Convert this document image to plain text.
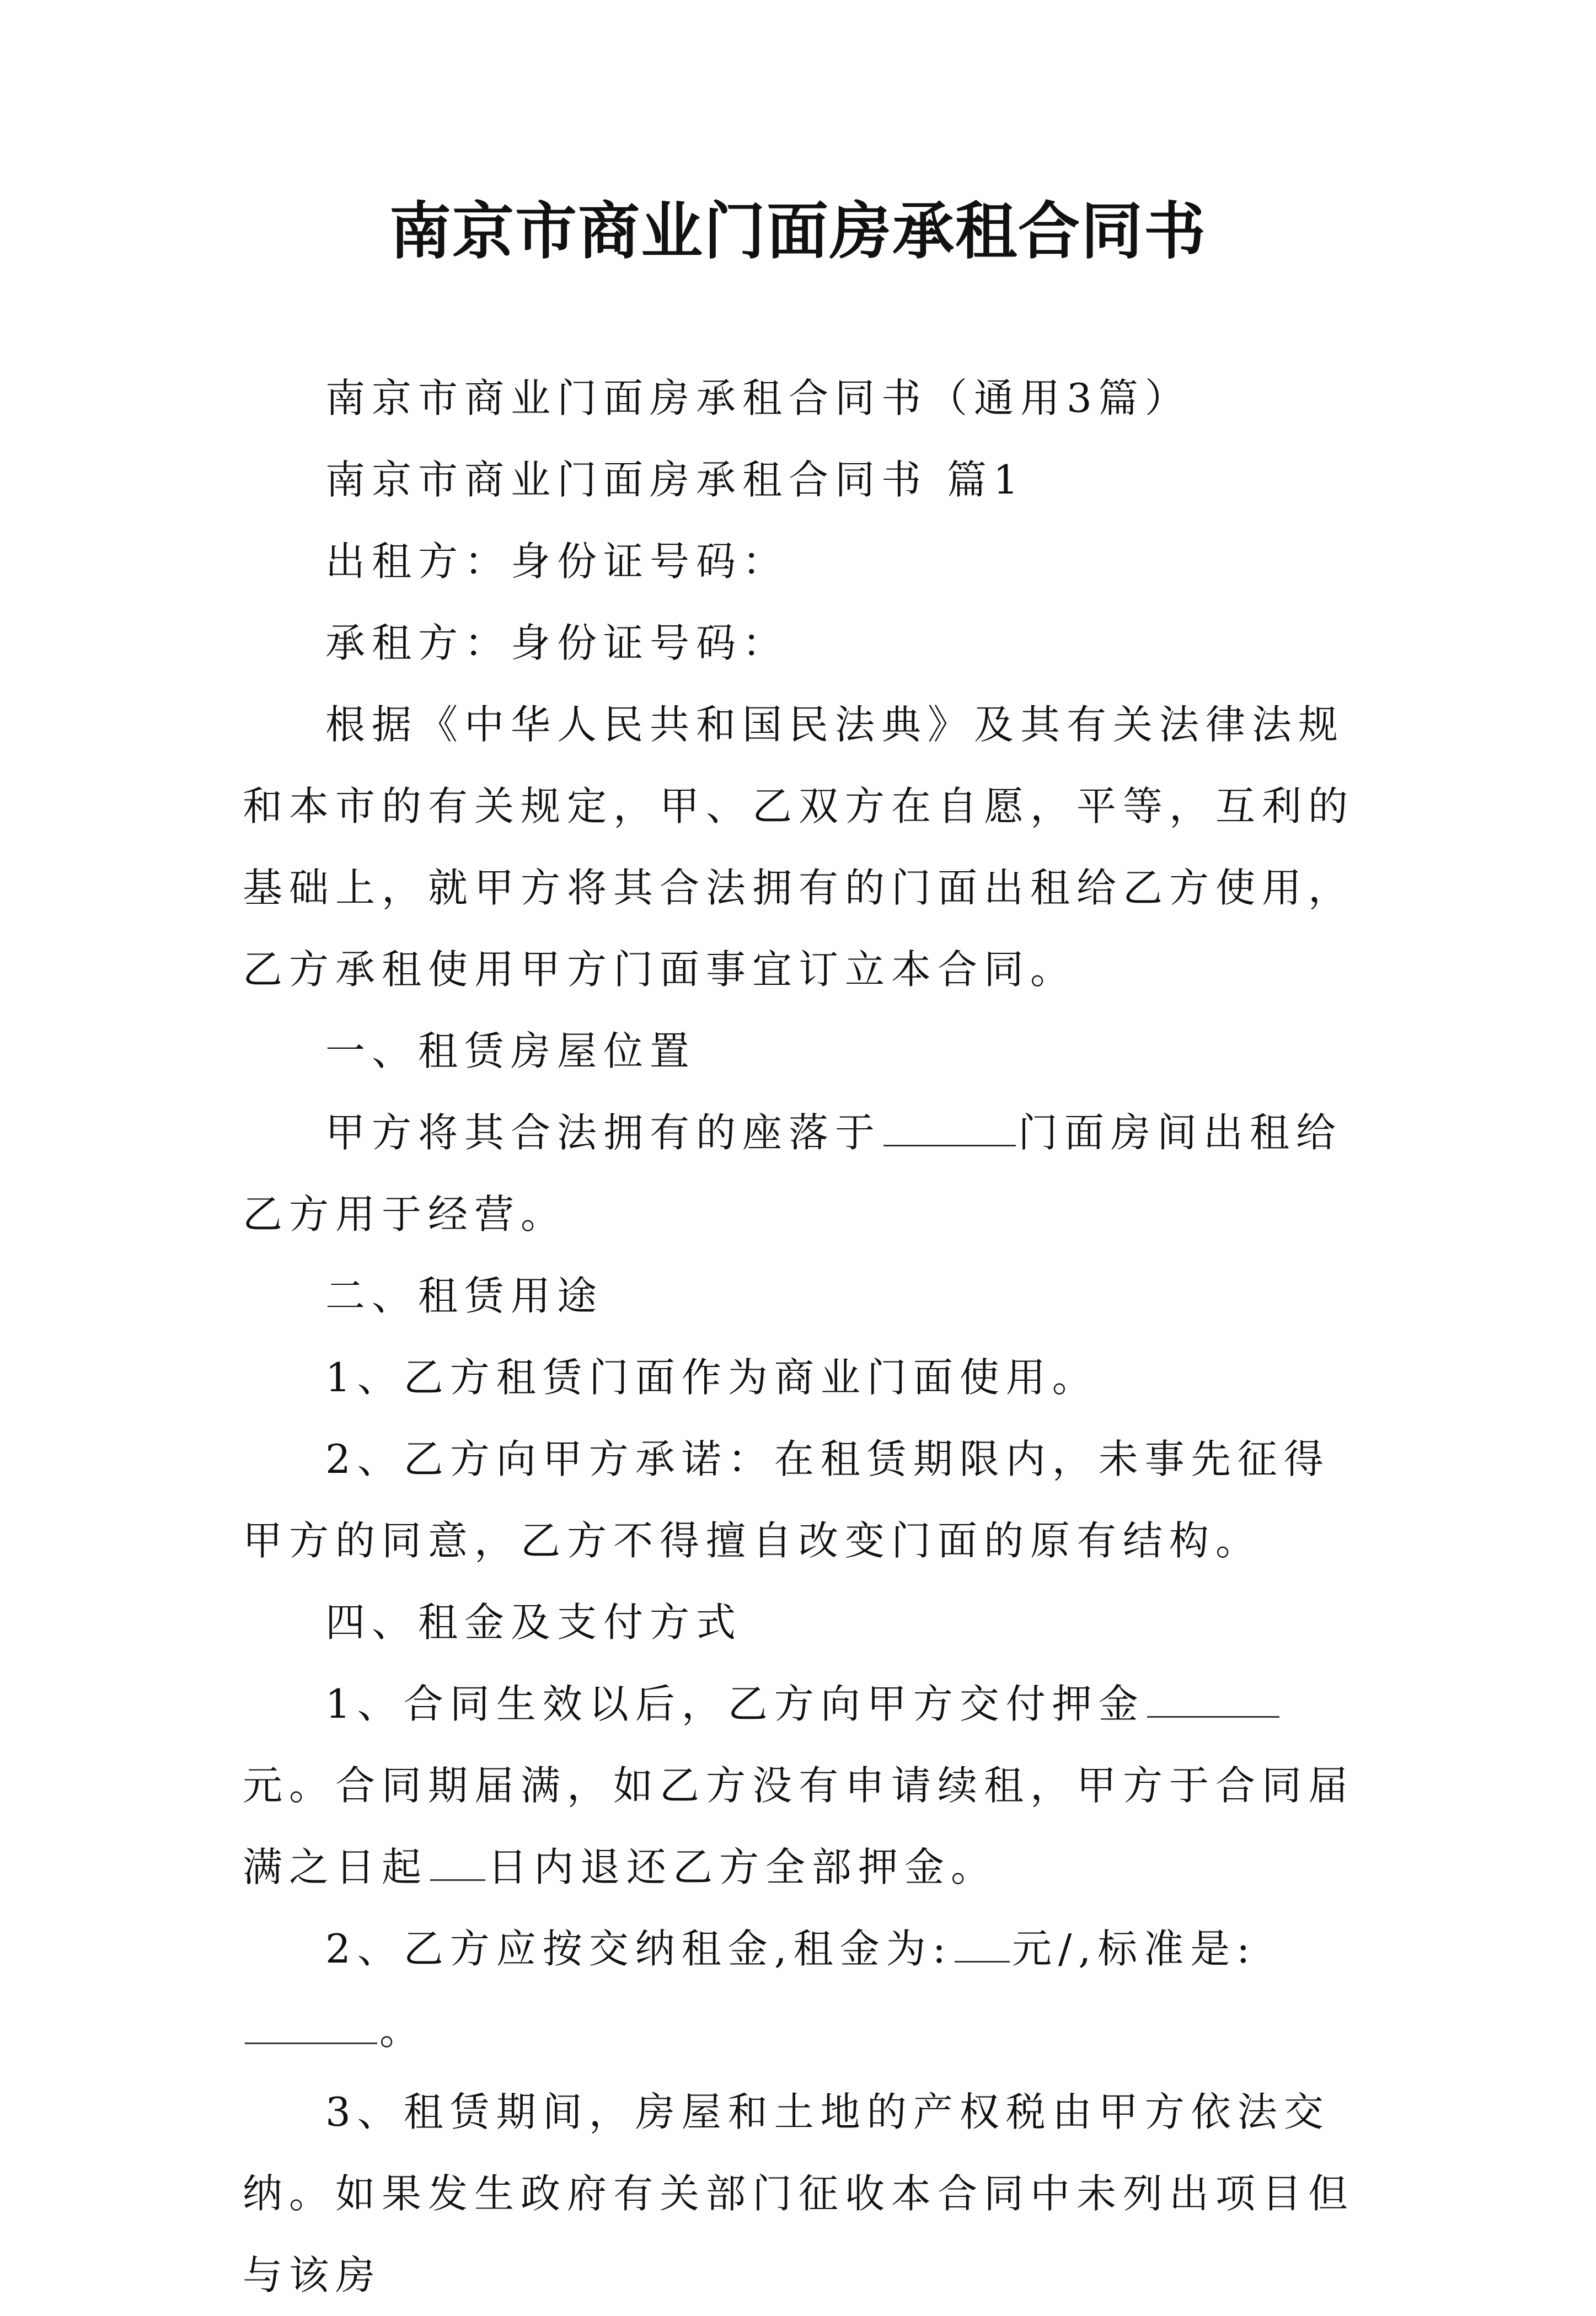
南京市商业门面房承租合同书

南京市商业门面房承租合同书（通用3篇）

南京市商业门面房承租合同书 篇1

出租方：身份证号码：

承租方：身份证号码：

根据《中华人民共和国民法典》及其有关法律法规和本市的有关规定，甲、乙双方在自愿，平等，互利的基础上，就甲方将其合法拥有的门面出租给乙方使用，乙方承租使用甲方门面事宜订立本合同。

一、租赁房屋位置

甲方将其合法拥有的座落于	门面房间出租给乙方用于经营。

二、租赁用途

1、乙方租赁门面作为商业门面使用。

2、乙方向甲方承诺：在租赁期限内，未事先征得甲方的同意，乙方不得擅自改变门面的原有结构。

四、租金及支付方式

1、合同生效以后，乙方向甲方交付押金元。合同期届满，如乙方没有申请续租，甲方于合同届满之日起 日内退还乙方全部押金。

2、乙方应按交纳租金,租金为: 元/,标准是:。

3、租赁期间，房屋和土地的产权税由甲方依法交纳。如果发生政府有关部门征收本合同中未列出项目但与该房
